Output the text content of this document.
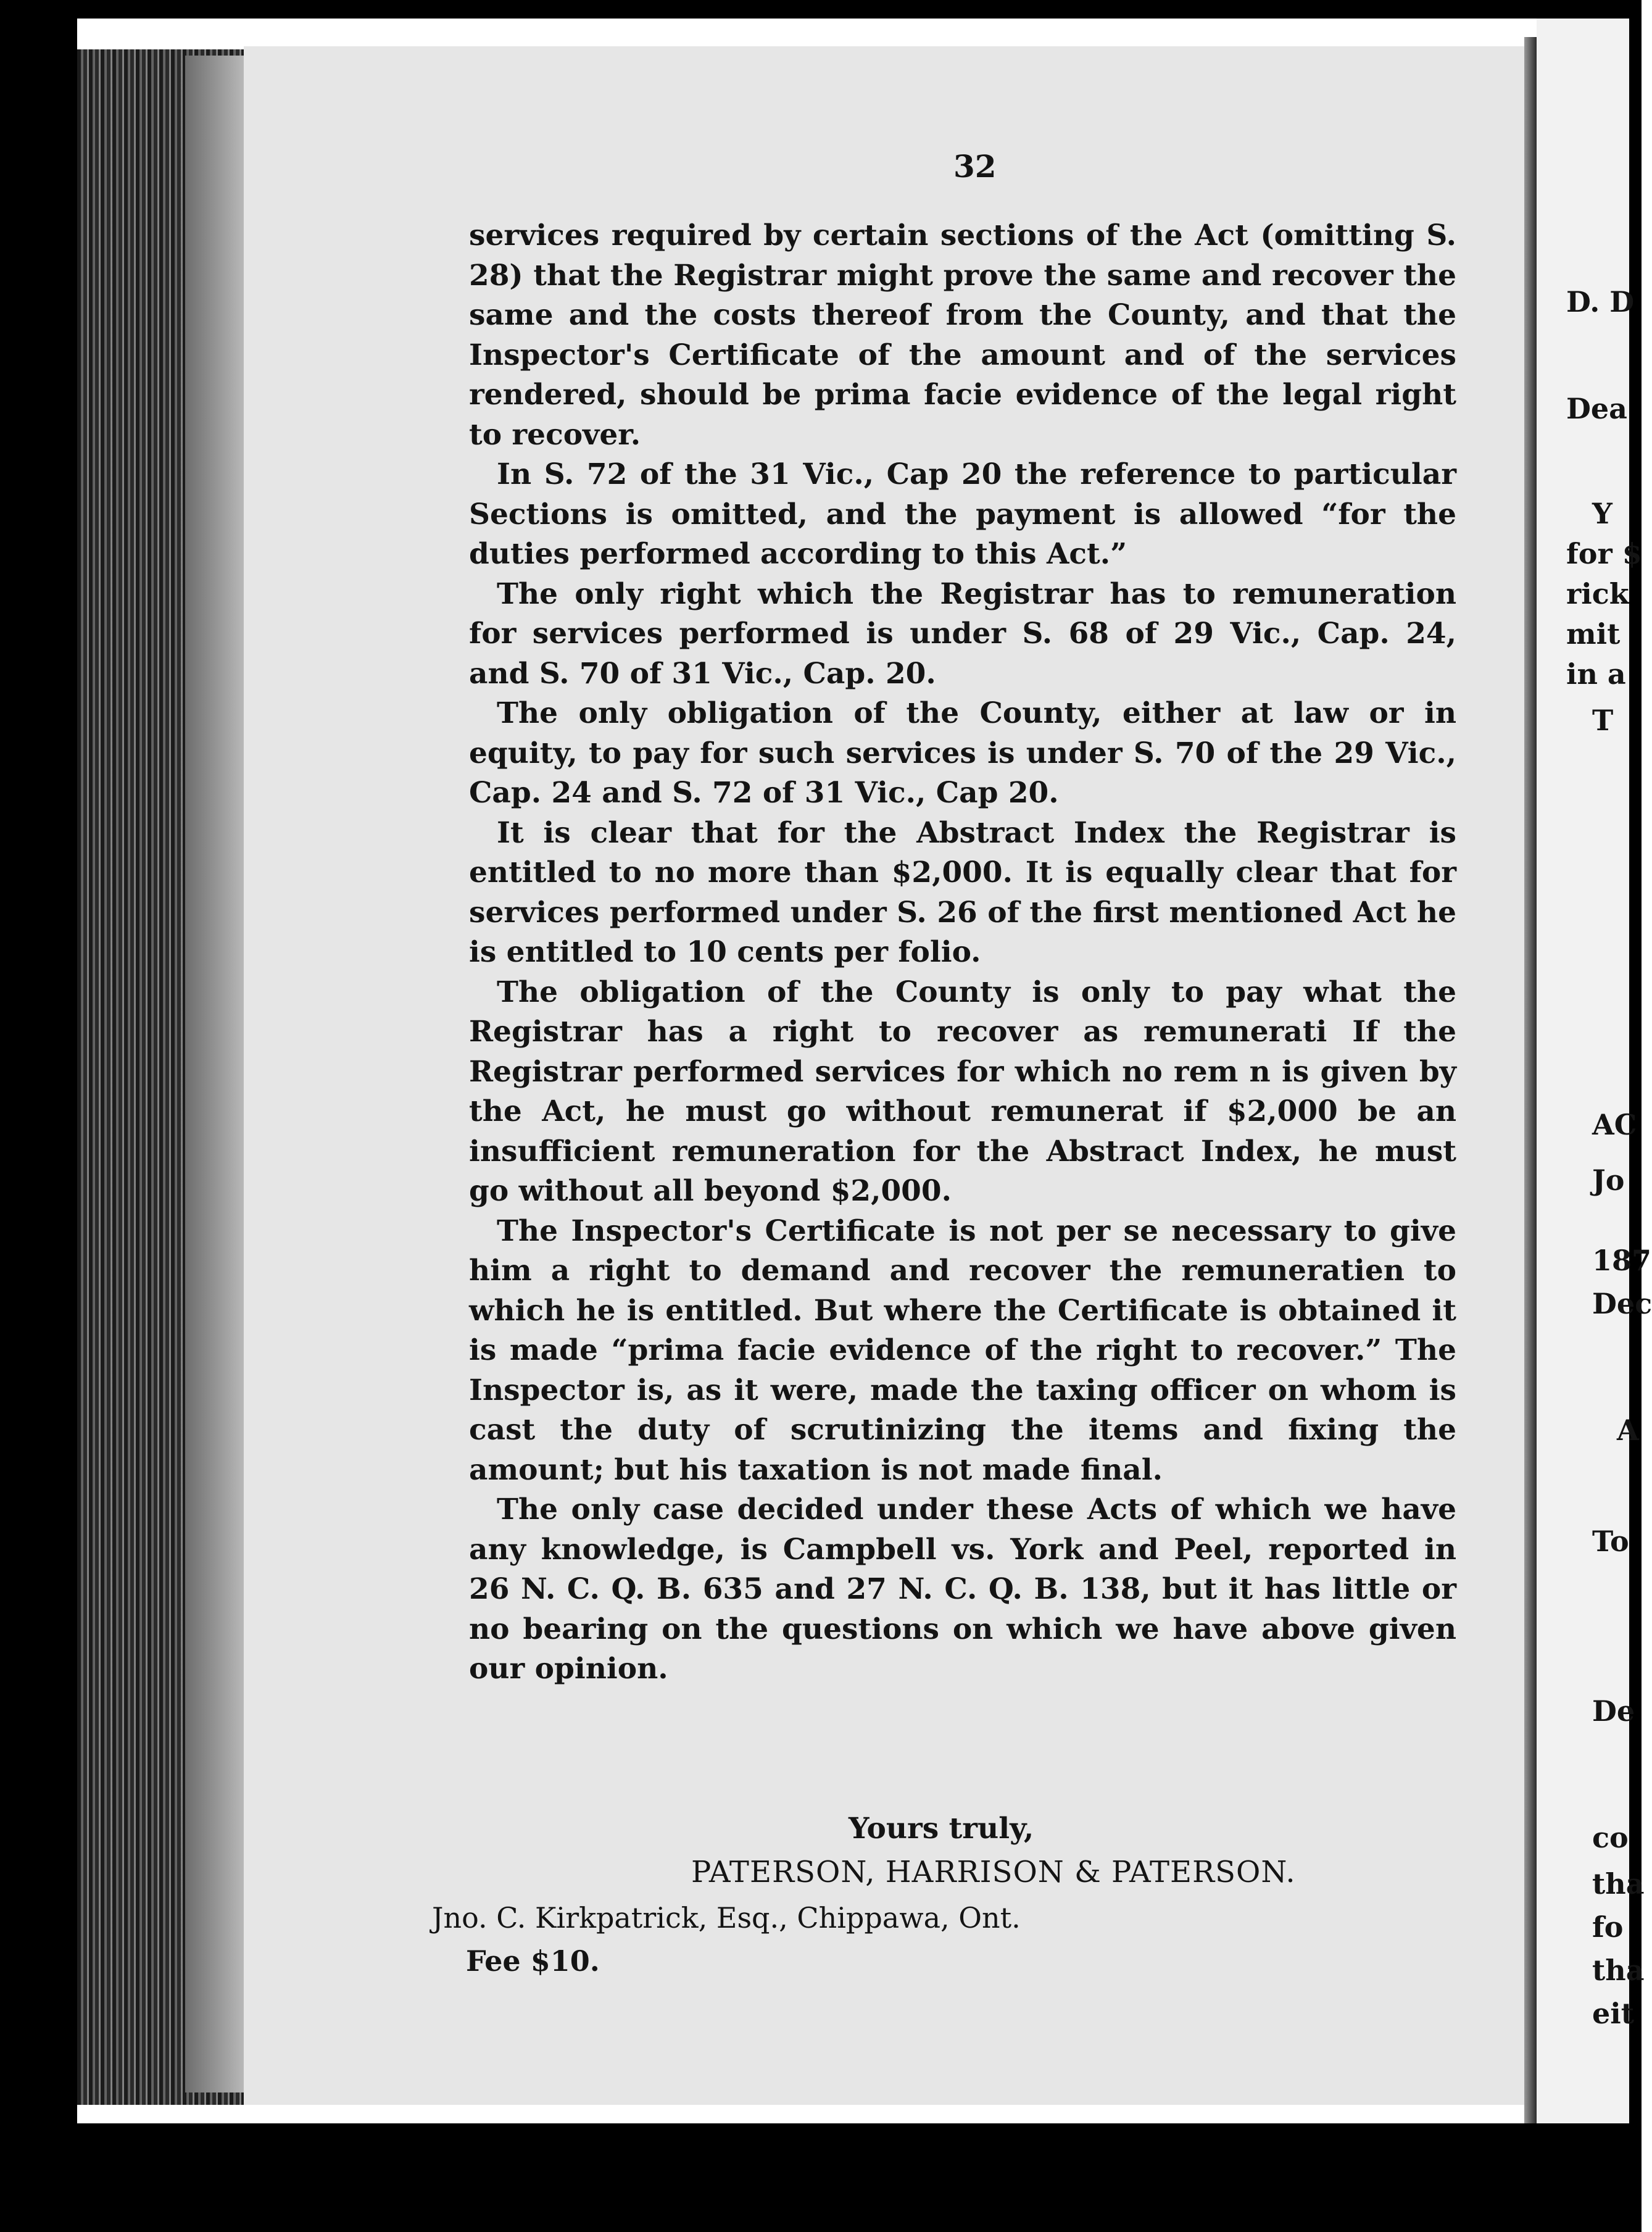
32

services required by certain sections of the Act (omitting S. 28) that the Registrar might prove the same and recover the same and the costs thereof from the County, and that the Inspector's Certificate of the amount and of the services rendered, should be prima facie evidence of the legal right to recover.

In S. 72 of the 31 Vic., Cap 20 the reference to particular Sections is omitted, and the payment is allowed “for the duties performed according to this Act.”

The only right which the Registrar has to remuneration for services performed is under S. 68 of 29 Vic., Cap. 24, and S. 70 of 31 Vic., Cap. 20.

The only obligation of the County, either at law or in equity, to pay for such services is under S. 70 of the 29 Vic., Cap. 24 and S. 72 of 31 Vic., Cap 20.

It is clear that for the Abstract Index the Registrar is entitled to no more than $2,000. It is equally clear that for services performed under S. 26 of the first mentioned Act he is entitled to 10 cents per folio.

The obligation of the County is only to pay what the Registrar has a right to recover as remunerati If the Registrar performed services for which no rem n is given by the Act, he must go without remunerat if $2,000 be an insufficient remuneration for the Abstract Index, he must go without all beyond $2,000.

The Inspector's Certificate is not per se necessary to give him a right to demand and recover the remuneratien to which he is entitled. But where the Certificate is obtained it is made “prima facie evidence of the right to recover.” The Inspector is, as it were, made the taxing officer on whom is cast the duty of scrutinizing the items and fixing the amount; but his taxation is not made final.

The only case decided under these Acts of which we have any knowledge, is Campbell vs. York and Peel, reported in 26 N. C. Q. B. 635 and 27 N. C. Q. B. 138, but it has little or no bearing on the questions on which we have above given our opinion.

Yours truly,
PATERSON, HARRISON & PATERSON.
Jno. C. Kirkpatrick, Esq., Chippawa, Ont.
Fee $10.
D. D
Dea
Y
for $
rick
mit
in a
T
AC
Jo
187
Dec
A
To
De
co
tha
fo
tha
eit
